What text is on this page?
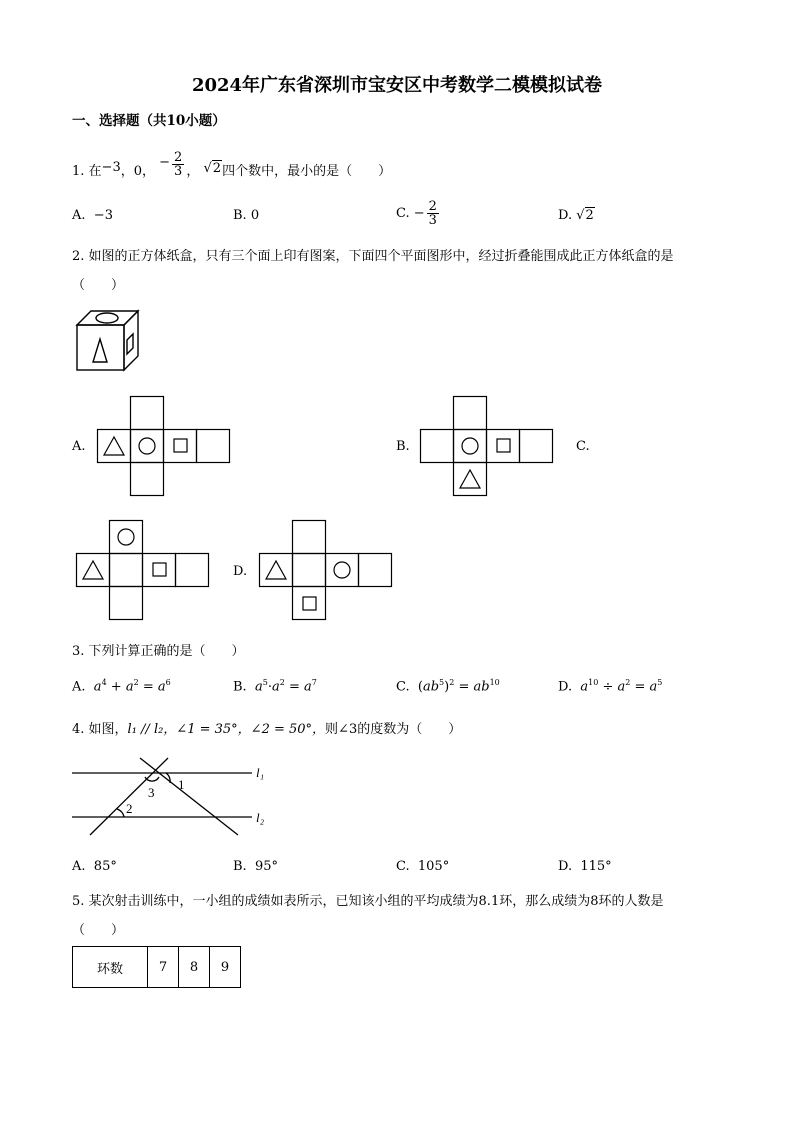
2024年广东省深圳市宝安区中考数学二模模拟试卷
一、选择题（共10小题）
1. 在−3，0， − $\frac{2}{3}$ ， √2四个数中，最小的是（　　）
A. −3	B. 0	C. − $\frac{2}{3}$	D. √2
2. 如图的正方体纸盒，只有三个面上印有图案，下面四个平面图形中，经过折叠能围成此正方体纸盒的是
（　　）
A.	B.	C.
D.
3. 下列计算正确的是（　　）
A. $a^4 + a^2 = a^6$	B. $a^5\cdot a^2 = a^7$	C.  $(ab^5)^2 = ab^{10}$	D. $a^{10} \div a^2 = a^5$
4. 如图，l₁ // l₂，∠1 = 35°，∠2 = 50°，则∠3的度数为（　　）
l₁
l₂
1
2
3
A. 85°	B. 95°	C. 105°	D. 115°
5. 某次射击训练中，一小组的成绩如表所示，已知该小组的平均成绩为8.1环，那么成绩为8环的人数是
（　　）
环数	7	8	9
